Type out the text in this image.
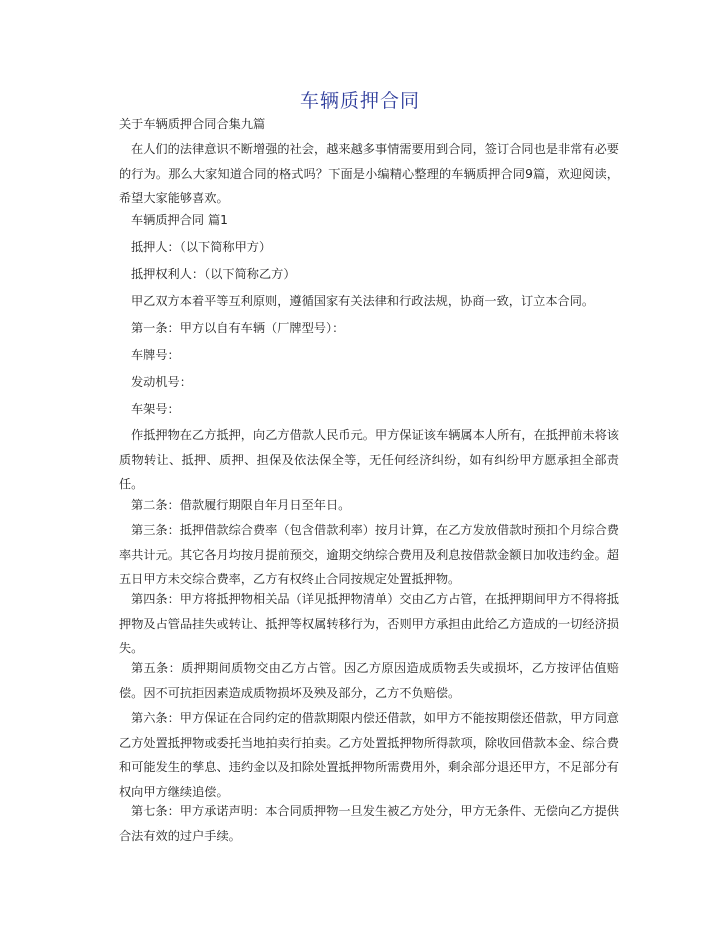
车辆质押合同
关于车辆质押合同合集九篇
在人们的法律意识不断增强的社会，越来越多事情需要用到合同，签订合同也是非常有必要的行为。那么大家知道合同的格式吗？下面是小编精心整理的车辆质押合同9篇，欢迎阅读，希望大家能够喜欢。
车辆质押合同 篇1
抵押人：（以下简称甲方）
抵押权利人：（以下简称乙方）
甲乙双方本着平等互利原则，遵循国家有关法律和行政法规，协商一致，订立本合同。
第一条：甲方以自有车辆（厂牌型号）：
车牌号：
发动机号：
车架号：
作抵押物在乙方抵押，向乙方借款人民币元。甲方保证该车辆属本人所有，在抵押前未将该质物转让、抵押、质押、担保及依法保全等，无任何经济纠纷，如有纠纷甲方愿承担全部责任。
第二条：借款履行期限自年月日至年日。
第三条：抵押借款综合费率（包含借款利率）按月计算，在乙方发放借款时预扣个月综合费率共计元。其它各月均按月提前预交，逾期交纳综合费用及利息按借款金额日加收违约金。超五日甲方未交综合费率，乙方有权终止合同按规定处置抵押物。
第四条：甲方将抵押物相关品（详见抵押物清单）交由乙方占管，在抵押期间甲方不得将抵押物及占管品挂失或转让、抵押等权属转移行为，否则甲方承担由此给乙方造成的一切经济损失。
第五条：质押期间质物交由乙方占管。因乙方原因造成质物丢失或损坏，乙方按评估值赔偿。因不可抗拒因素造成质物损坏及殃及部分，乙方不负赔偿。
第六条：甲方保证在合同约定的借款期限内偿还借款，如甲方不能按期偿还借款，甲方同意乙方处置抵押物或委托当地拍卖行拍卖。乙方处置抵押物所得款项，除收回借款本金、综合费和可能发生的孳息、违约金以及扣除处置抵押物所需费用外，剩余部分退还甲方，不足部分有权向甲方继续追偿。
第七条：甲方承诺声明：本合同质押物一旦发生被乙方处分，甲方无条件、无偿向乙方提供合法有效的过户手续。
